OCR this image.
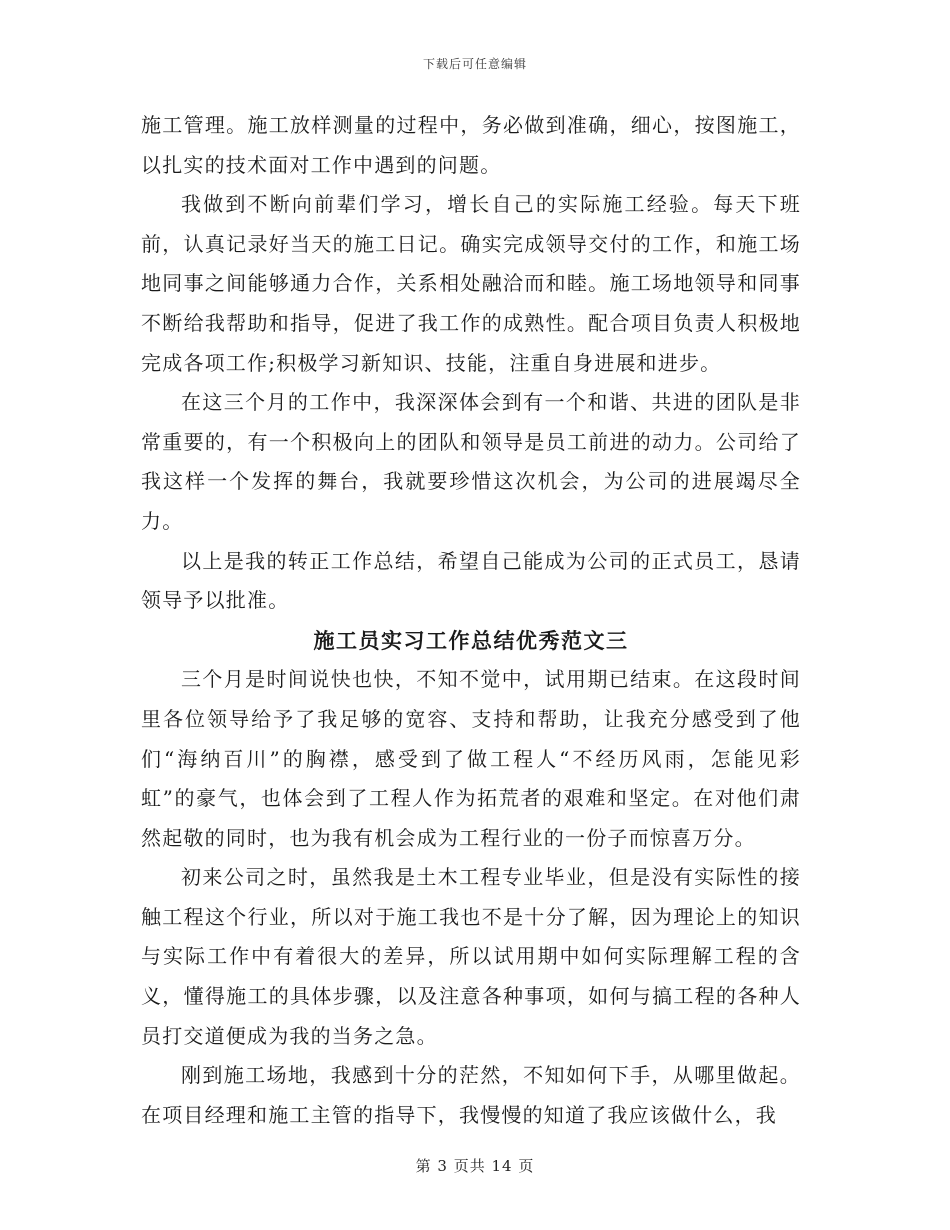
下载后可任意编辑

施工管理。施工放样测量的过程中，务必做到准确，细心，按图施工，以扎实的技术面对工作中遇到的问题。

我做到不断向前辈们学习，增长自己的实际施工经验。每天下班前，认真记录好当天的施工日记。确实完成领导交付的工作，和施工场地同事之间能够通力合作，关系相处融洽而和睦。施工场地领导和同事不断给我帮助和指导，促进了我工作的成熟性。配合项目负责人积极地完成各项工作;积极学习新知识、技能，注重自身进展和进步。

在这三个月的工作中，我深深体会到有一个和谐、共进的团队是非常重要的，有一个积极向上的团队和领导是员工前进的动力。公司给了我这样一个发挥的舞台，我就要珍惜这次机会，为公司的进展竭尽全力。

以上是我的转正工作总结，希望自己能成为公司的正式员工，恳请领导予以批准。

施工员实习工作总结优秀范文三

三个月是时间说快也快，不知不觉中，试用期已结束。在这段时间里各位领导给予了我足够的宽容、支持和帮助，让我充分感受到了他们“海纳百川”的胸襟，感受到了做工程人“不经历风雨，怎能见彩虹”的豪气，也体会到了工程人作为拓荒者的艰难和坚定。在对他们肃然起敬的同时，也为我有机会成为工程行业的一份子而惊喜万分。

初来公司之时，虽然我是土木工程专业毕业，但是没有实际性的接触工程这个行业，所以对于施工我也不是十分了解，因为理论上的知识与实际工作中有着很大的差异，所以试用期中如何实际理解工程的含义，懂得施工的具体步骤，以及注意各种事项，如何与搞工程的各种人员打交道便成为我的当务之急。

刚到施工场地，我感到十分的茫然，不知如何下手，从哪里做起。在项目经理和施工主管的指导下，我慢慢的知道了我应该做什么，我

第 3 页共 14 页
